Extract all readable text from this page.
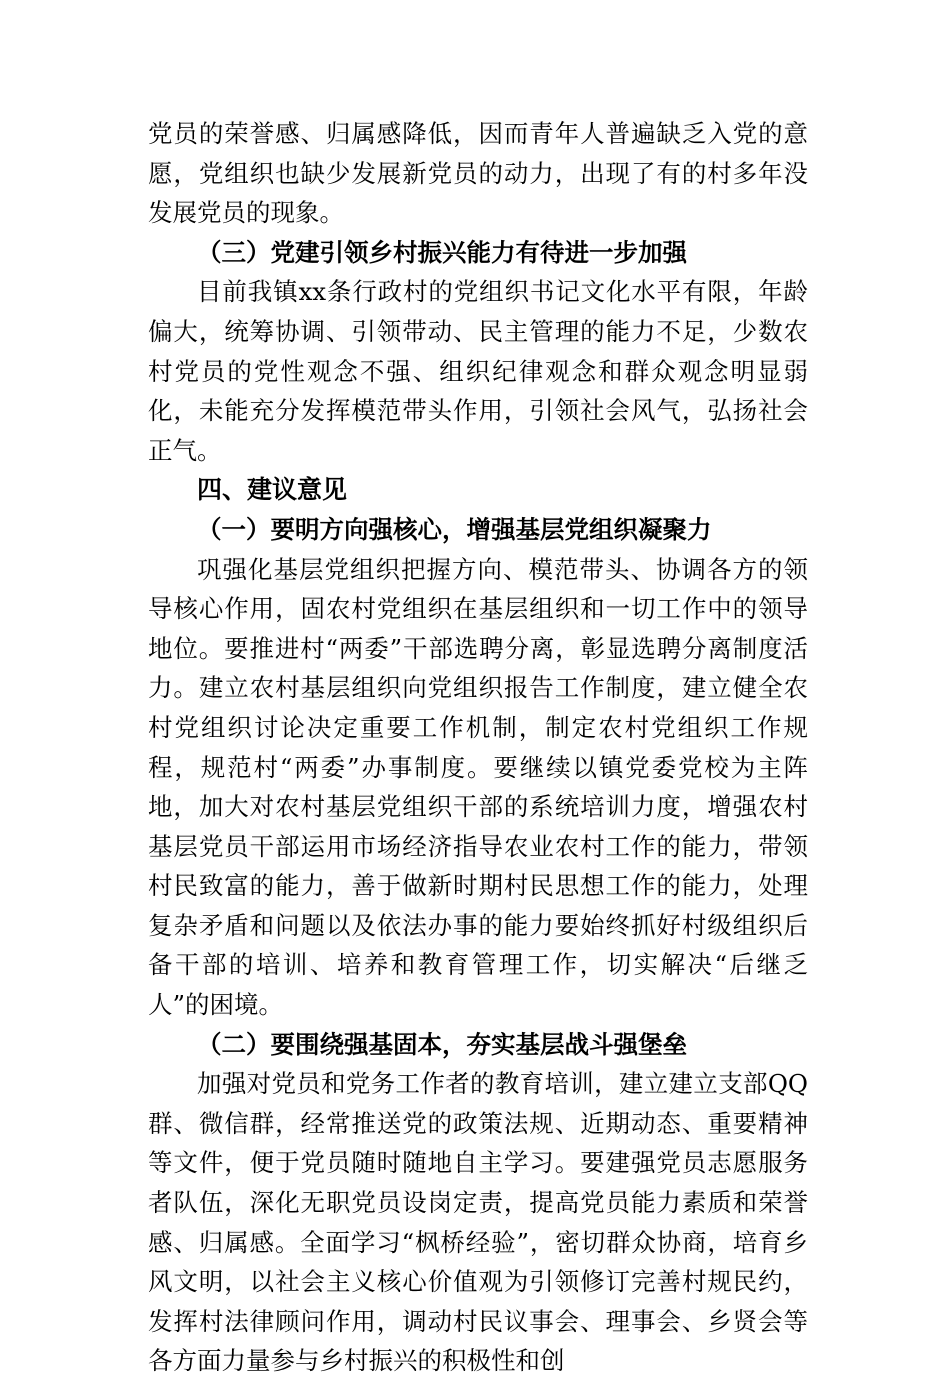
党员的荣誉感、归属感降低，因而青年人普遍缺乏入党的意愿，党组织也缺少发展新党员的动力，出现了有的村多年没发展党员的现象。

（三）党建引领乡村振兴能力有待进一步加强

目前我镇xx条行政村的党组织书记文化水平有限，年龄偏大，统筹协调、引领带动、民主管理的能力不足，少数农村党员的党性观念不强、组织纪律观念和群众观念明显弱化，未能充分发挥模范带头作用，引领社会风气，弘扬社会正气。

四、建议意见

（一）要明方向强核心，增强基层党组织凝聚力

巩强化基层党组织把握方向、模范带头、协调各方的领导核心作用，固农村党组织在基层组织和一切工作中的领导地位。要推进村“两委”干部选聘分离，彰显选聘分离制度活力。建立农村基层组织向党组织报告工作制度，建立健全农村党组织讨论决定重要工作机制，制定农村党组织工作规程，规范村“两委”办事制度。要继续以镇党委党校为主阵地，加大对农村基层党组织干部的系统培训力度，增强农村基层党员干部运用市场经济指导农业农村工作的能力，带领村民致富的能力，善于做新时期村民思想工作的能力，处理复杂矛盾和问题以及依法办事的能力要始终抓好村级组织后备干部的培训、培养和教育管理工作，切实解决“后继乏人”的困境。

（二）要围绕强基固本，夯实基层战斗强堡垒

加强对党员和党务工作者的教育培训，建立建立支部QQ群、微信群，经常推送党的政策法规、近期动态、重要精神等文件，便于党员随时随地自主学习。要建强党员志愿服务者队伍，深化无职党员设岗定责，提高党员能力素质和荣誉感、归属感。全面学习“枫桥经验”，密切群众协商，培育乡风文明，以社会主义核心价值观为引领修订完善村规民约，发挥村法律顾问作用，调动村民议事会、理事会、乡贤会等各方面力量参与乡村振兴的积极性和创
